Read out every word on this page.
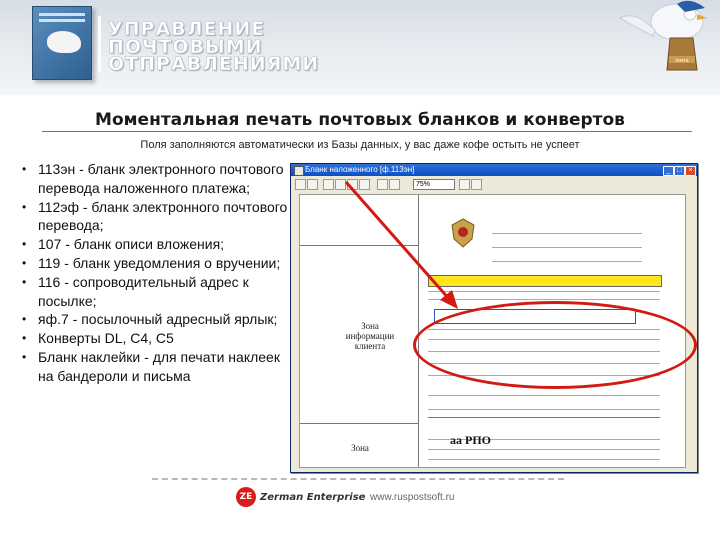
УПРАВЛЕНИЕ
ПОЧТОВЫМИ
ОТПРАВЛЕНИЯМИ	почта
Моментальная печать почтовых бланков и конвертов
Поля заполняются автоматически из Базы данных, у вас даже кофе остыть не успеет
• 113эн - бланк электронного почтового перевода наложенного платежа;
• 112эф - бланк электронного почтового перевода;
• 107 - бланк описи вложения;
• 119 - бланк уведомления о вручении;
• 116 - сопроводительный адрес к посылке;
• яф.7 - посылочный адресный ярлык;
• Конверты DL, C4, C5
• Бланк наклейки - для печати наклеек на бандероли и письма
Бланк наложенного [ф.113эн]	_ □ ×
75%
Зона информации клиента
Зона
аа РПО
ZE Zerman Enterprise www.ruspostsoft.ru
